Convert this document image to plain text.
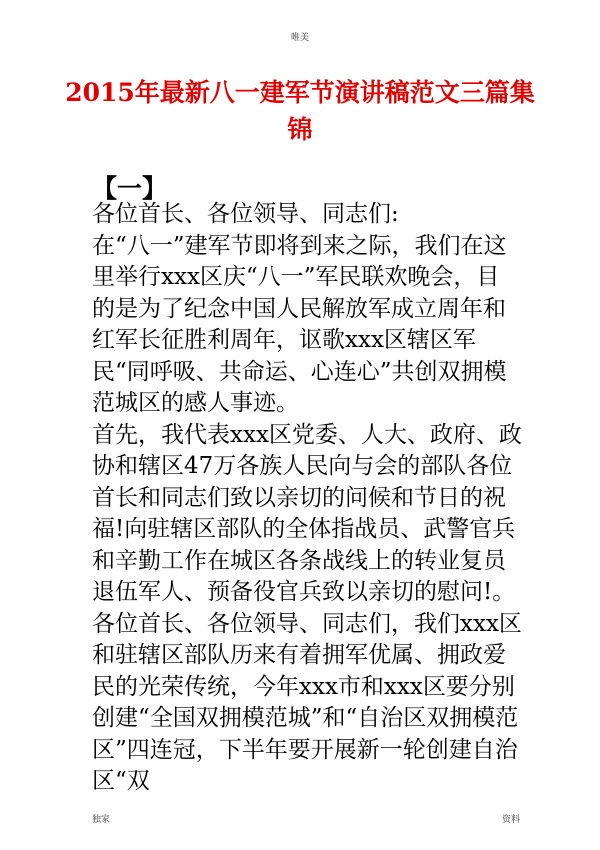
唯美
2015年最新八一建军节演讲稿范文三篇集
锦
【一】

各位首长、各位领导、同志们:

在“八一”建军节即将到来之际，我们在这里举行xxx区庆“八一”军民联欢晚会，目的是为了纪念中国人民解放军成立周年和红军长征胜利周年，讴歌xxx区辖区军民“同呼吸、共命运、心连心”共创双拥模范城区的感人事迹。

首先，我代表xxx区党委、人大、政府、政协和辖区47万各族人民向与会的部队各位首长和同志们致以亲切的问候和节日的祝福!向驻辖区部队的全体指战员、武警官兵和辛勤工作在城区各条战线上的转业复员退伍军人、预备役官兵致以亲切的慰问!。

各位首长、各位领导、同志们，我们xxx区和驻辖区部队历来有着拥军优属、拥政爱民的光荣传统，今年xxx市和xxx区要分别创建“全国双拥模范城”和“自治区双拥模范区”四连冠，下半年要开展新一轮创建自治区“双

独家	资料
